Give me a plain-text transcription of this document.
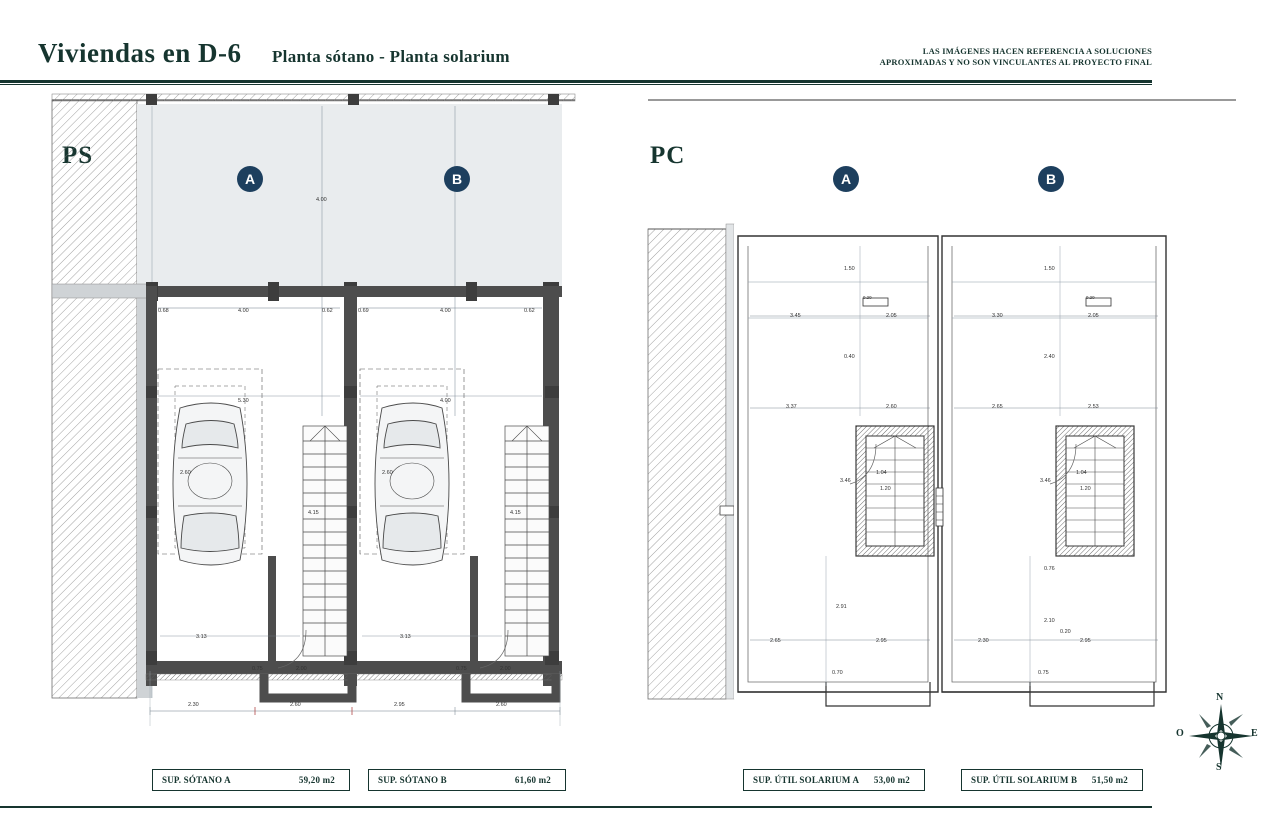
Viviendas en D-6 Planta sótano - Planta solarium	LAS IMÁGENES HACEN REFERENCIA A SOLUCIONES
APROXIMADAS Y NO SON VINCULANTES AL PROYECTO FINAL
A	B
4.00
0.68	4.00	0.62	0.69	4.00	0.62
5.30	4.00
2.60	2.60
4.15	4.15
3.13	3.13
0.75	2.00	0.75	2.00
2.30	2.60	2.95	2.60
SUP. SÓTANO A	59,20 m2	SUP. SÓTANO B	61,60 m2
PC
A	B
1.50	1.50
0.20	0.20
3.45	2.05	3.30	2.05
0.40	2.40
3.37	2.60	2.65	2.53
1.04
1.20
3.46
1.04
1.20
3.46
0.76
2.91
2.10
0.20
2.65	2.95	2.30	2.95
0.70	0.75
SUP. ÚTIL SOLARIUM A 53,00 m2	SUP. ÚTIL SOLARIUM B 51,50 m2
N
S
E
O
